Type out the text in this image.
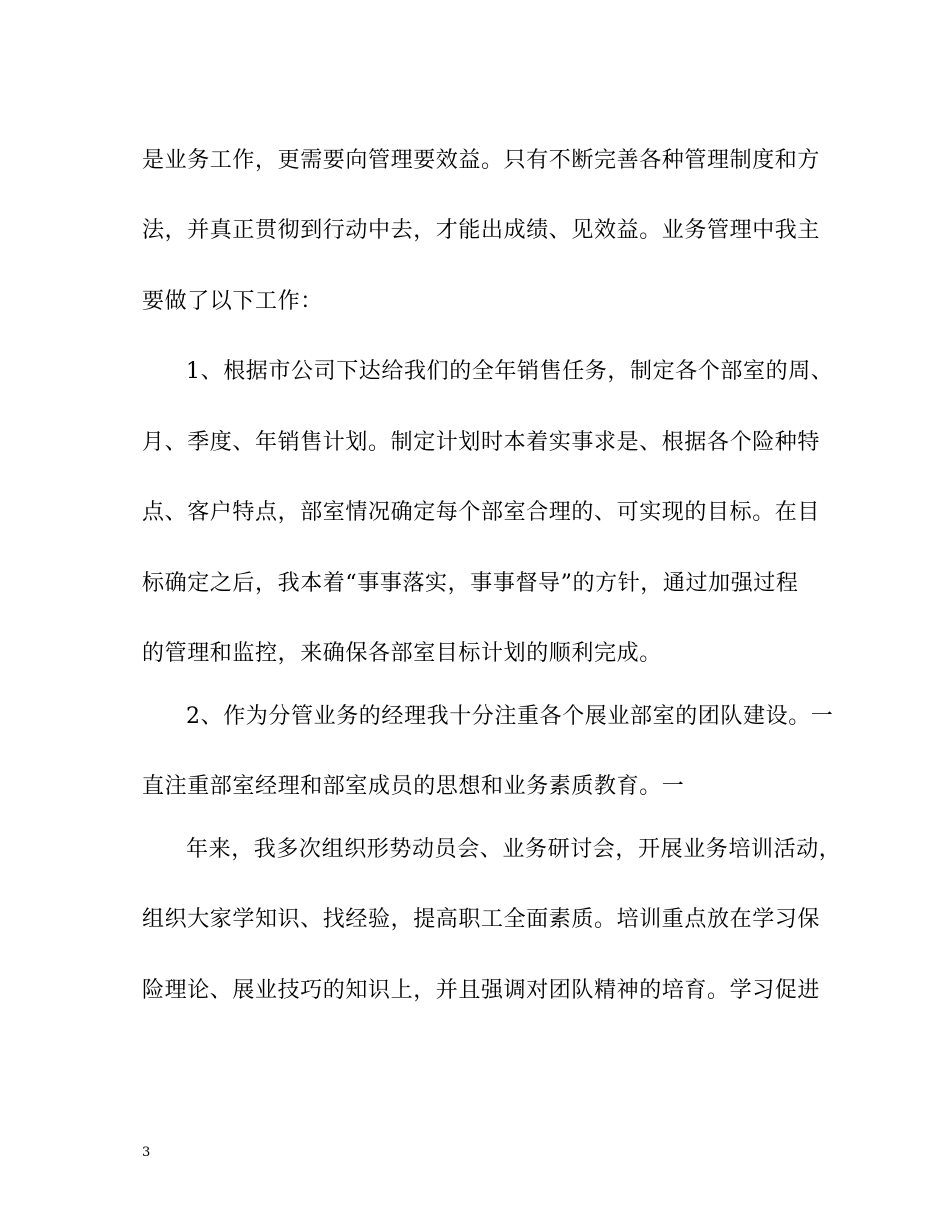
是业务工作，更需要向管理要效益。只有不断完善各种管理制度和方
法，并真正贯彻到行动中去，才能出成绩、见效益。业务管理中我主
要做了以下工作：
1、根据市公司下达给我们的全年销售任务，制定各个部室的周、
月、季度、年销售计划。制定计划时本着实事求是、根据各个险种特
点、客户特点，部室情况确定每个部室合理的、可实现的目标。在目
标确定之后，我本着“事事落实，事事督导”的方针，通过加强过程
的管理和监控，来确保各部室目标计划的顺利完成。
2、作为分管业务的经理我十分注重各个展业部室的团队建设。一
直注重部室经理和部室成员的思想和业务素质教育。一
年来，我多次组织形势动员会、业务研讨会，开展业务培训活动，
组织大家学知识、找经验，提高职工全面素质。培训重点放在学习保
险理论、展业技巧的知识上，并且强调对团队精神的培育。学习促进
3
